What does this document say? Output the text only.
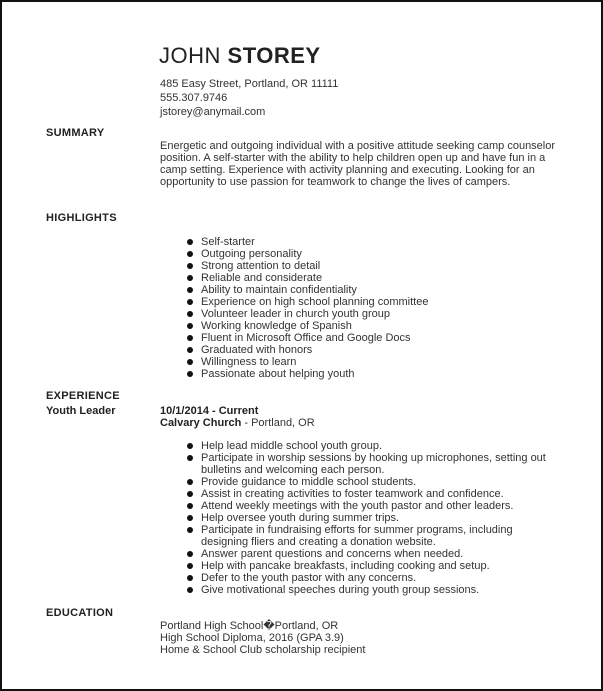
JOHN STOREY
485 Easy Street, Portland, OR 11111
555.307.9746
jstorey@anymail.com
SUMMARY
Energetic and outgoing individual with a positive attitude seeking camp counselor position. A self-starter with the ability to help children open up and have fun in a camp setting. Experience with activity planning and executing. Looking for an opportunity to use passion for teamwork to change the lives of campers.
HIGHLIGHTS
Self-starter
Outgoing personality
Strong attention to detail
Reliable and considerate
Ability to maintain confidentiality
Experience on high school planning committee
Volunteer leader in church youth group
Working knowledge of Spanish
Fluent in Microsoft Office and Google Docs
Graduated with honors
Willingness to learn
Passionate about helping youth
EXPERIENCE
Youth Leader	10/1/2014 - Current
Calvary Church - Portland, OR
Help lead middle school youth group.
Participate in worship sessions by hooking up microphones, setting out bulletins and welcoming each person.
Provide guidance to middle school students.
Assist in creating activities to foster teamwork and confidence.
Attend weekly meetings with the youth pastor and other leaders.
Help oversee youth during summer trips.
Participate in fundraising efforts for summer programs, including designing fliers and creating a donation website.
Answer parent questions and concerns when needed.
Help with pancake breakfasts, including cooking and setup.
Defer to the youth pastor with any concerns.
Give motivational speeches during youth group sessions.
EDUCATION
Portland High School�Portland, OR
High School Diploma, 2016 (GPA 3.9)
Home & School Club scholarship recipient
